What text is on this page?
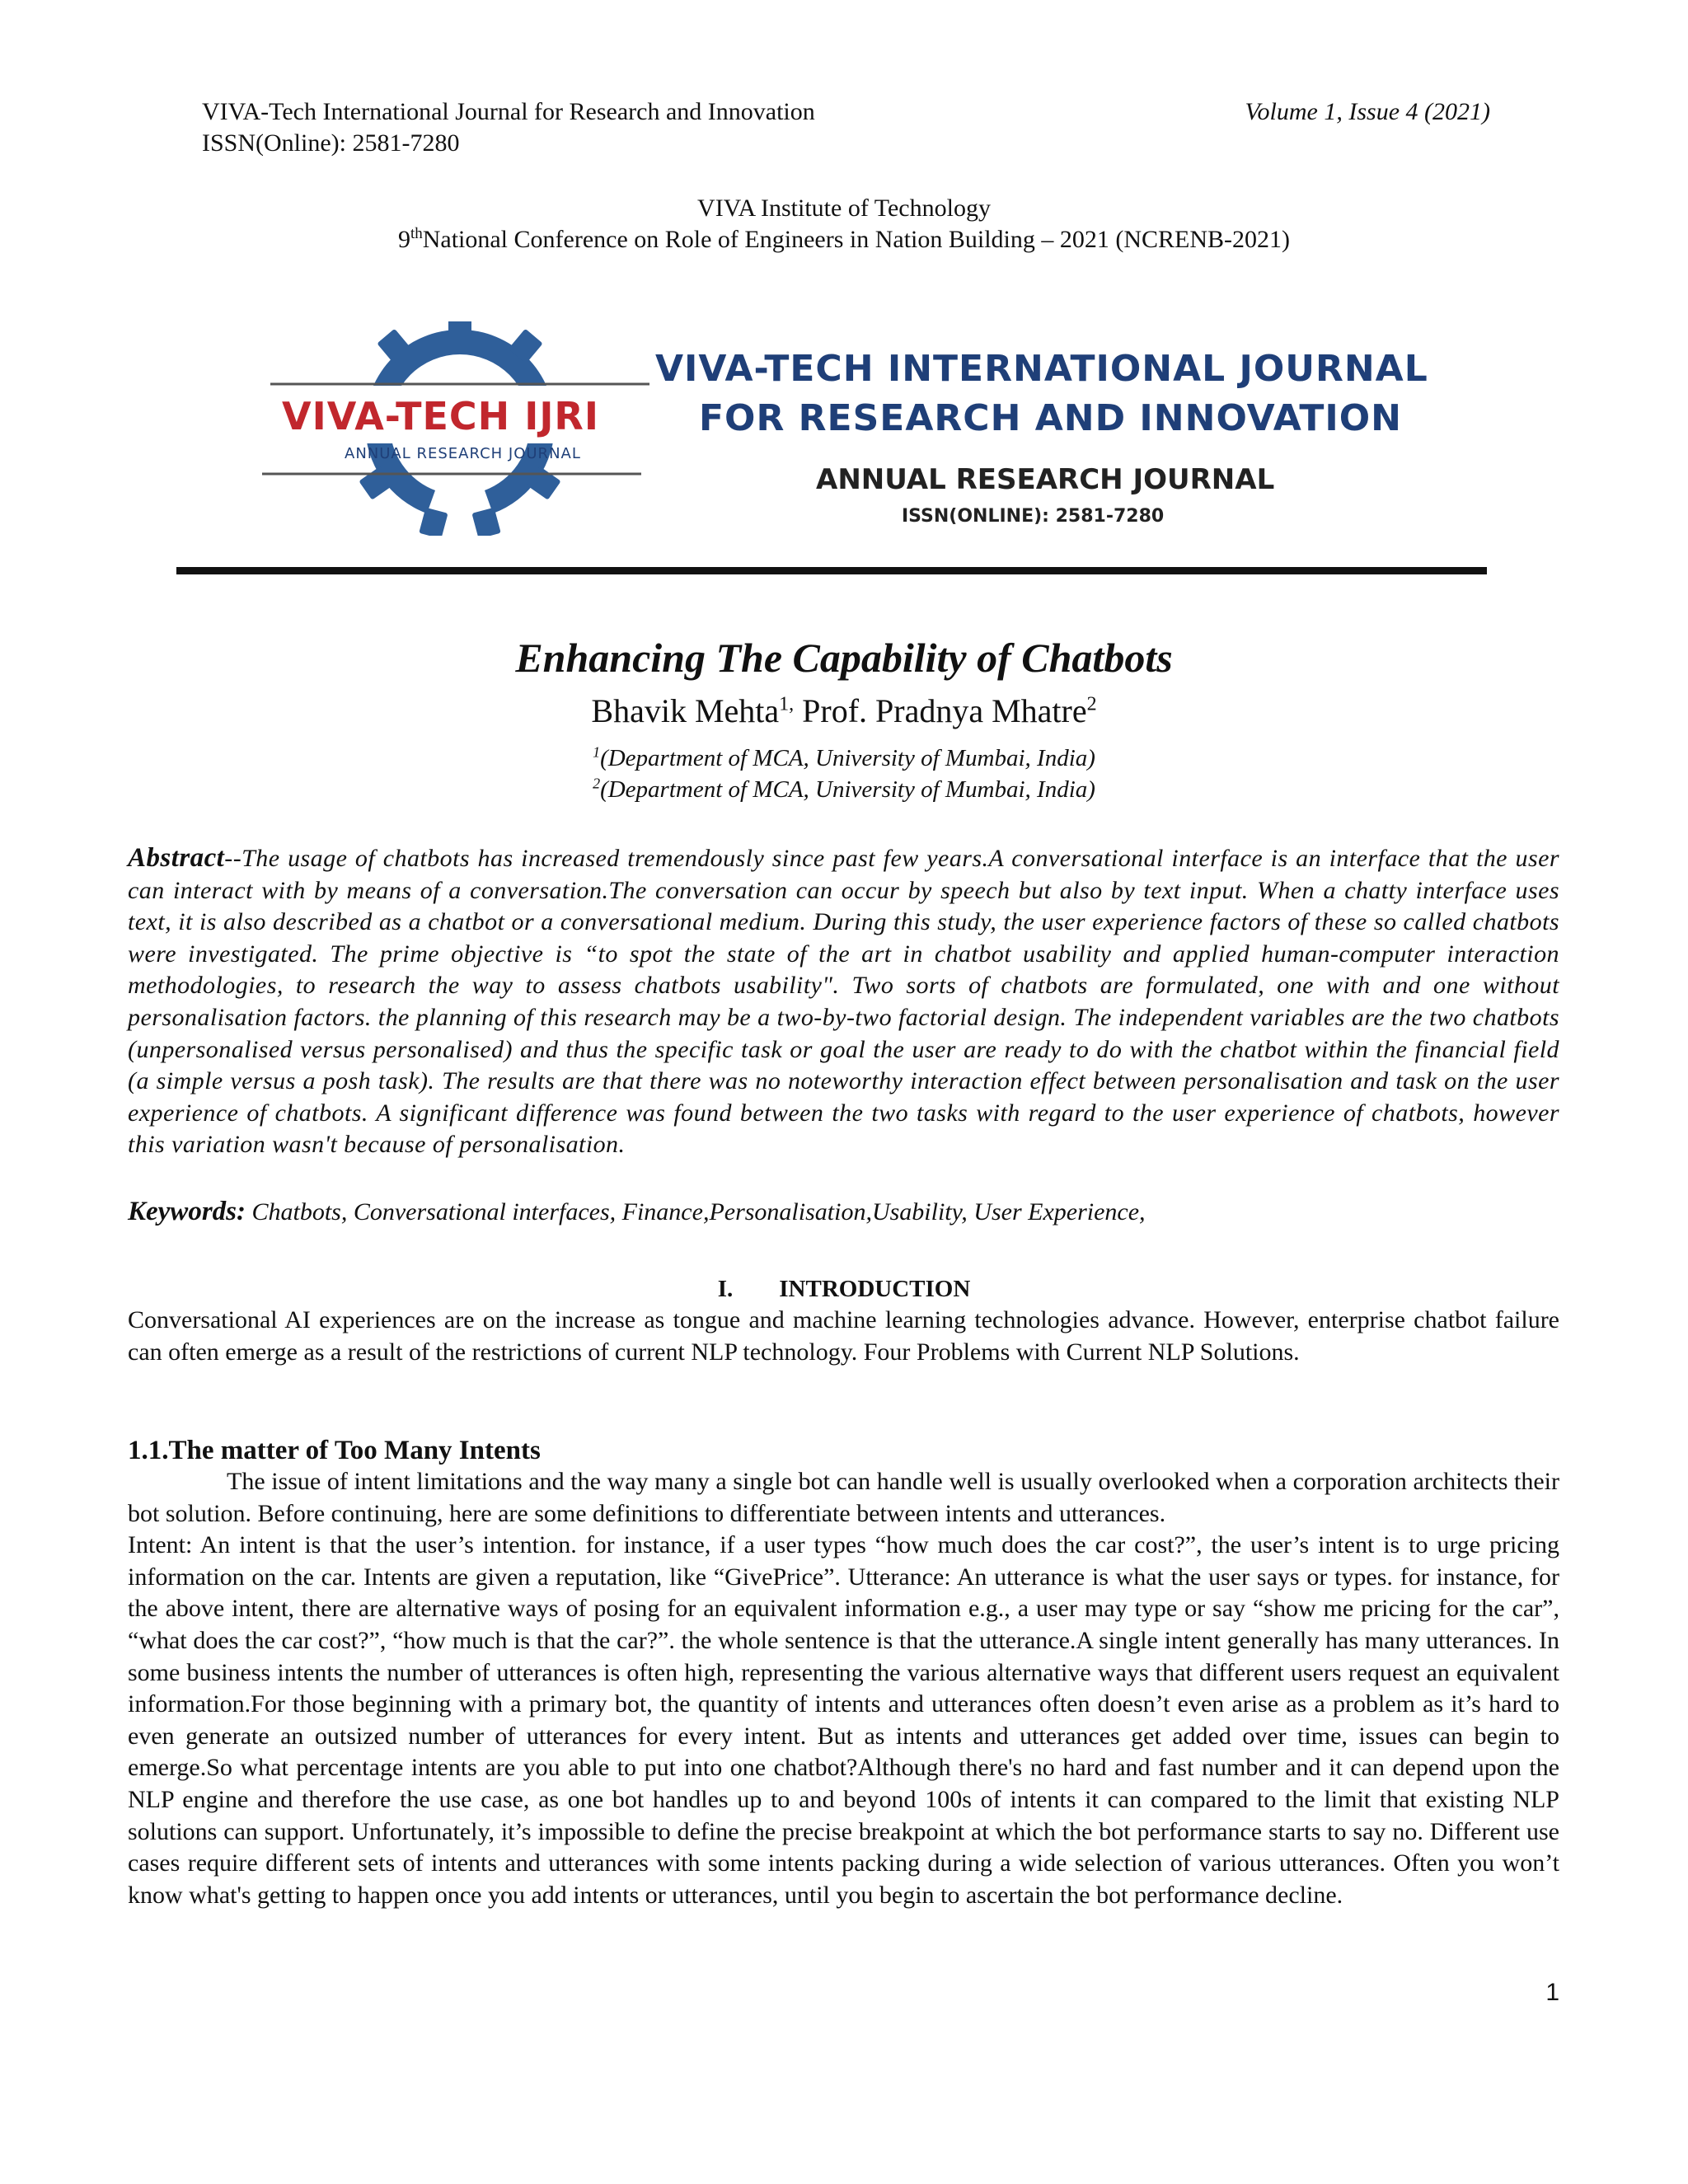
VIVA-Tech International Journal for Research and Innovation	Volume 1, Issue 4 (2021)
ISSN(Online): 2581-7280
VIVA Institute of Technology
9thNational Conference on Role of Engineers in Nation Building – 2021 (NCRENB-2021)
VIVA-TECH IJRI
ANNUAL RESEARCH JOURNAL
VIVA-TECH INTERNATIONAL JOURNAL
FOR RESEARCH AND INNOVATION
ANNUAL RESEARCH JOURNAL
ISSN(ONLINE): 2581-7280
Enhancing The Capability of Chatbots
Bhavik Mehta$^{1,}$ Prof. Pradnya Mhatre$^2$
$^1$(Department of MCA, University of Mumbai, India)
$^2$(Department of MCA, University of Mumbai, India)
Abstract--The usage of chatbots has increased tremendously since past few years.A conversational interface is an interface that the user can interact with by means of a conversation.The conversation can occur by speech but also by text input. When a chatty interface uses text, it is also described as a chatbot or a conversational medium. During this study, the user experience factors of these so called chatbots were investigated. The prime objective is “to spot the state of the art in chatbot usability and applied human-computer interaction methodologies, to research the way to assess chatbots usability". Two sorts of chatbots are formulated, one with and one without personalisation factors. the planning of this research may be a two-by-two factorial design. The independent variables are the two chatbots (unpersonalised versus personalised) and thus the specific task or goal the user are ready to do with the chatbot within the financial field (a simple versus a posh task). The results are that there was no noteworthy interaction effect between personalisation and task on the user experience of chatbots. A significant difference was found between the two tasks with regard to the user experience of chatbots, however this variation wasn't because of personalisation.
Keywords: Chatbots, Conversational interfaces, Finance,Personalisation,Usability, User Experience,
I. INTRODUCTION
Conversational AI experiences are on the increase as tongue and machine learning technologies advance. However, enterprise chatbot failure can often emerge as a result of the restrictions of current NLP technology. Four Problems with Current NLP Solutions.
1.1.The matter of Too Many Intents

The issue of intent limitations and the way many a single bot can handle well is usually overlooked when a corporation architects their bot solution. Before continuing, here are some definitions to differentiate between intents and utterances.

Intent: An intent is that the user’s intention. for instance, if a user types “how much does the car cost?”, the user’s intent is to urge pricing information on the car. Intents are given a reputation, like “GivePrice”. Utterance: An utterance is what the user says or types. for instance, for the above intent, there are alternative ways of posing for an equivalent information e.g., a user may type or say “show me pricing for the car”, “what does the car cost?”, “how much is that the car?”. the whole sentence is that the utterance.A single intent generally has many utterances. In some business intents the number of utterances is often high, representing the various alternative ways that different users request an equivalent information.For those beginning with a primary bot, the quantity of intents and utterances often doesn’t even arise as a problem as it’s hard to even generate an outsized number of utterances for every intent. But as intents and utterances get added over time, issues can begin to emerge.So what percentage intents are you able to put into one chatbot?Although there's no hard and fast number and it can depend upon the NLP engine and therefore the use case, as one bot handles up to and beyond 100s of intents it can compared to the limit that existing NLP solutions can support. Unfortunately, it’s impossible to define the precise breakpoint at which the bot performance starts to say no. Different use cases require different sets of intents and utterances with some intents packing during a wide selection of various utterances. Often you won’t know what's getting to happen once you add intents or utterances, until you begin to ascertain the bot performance decline.

1
